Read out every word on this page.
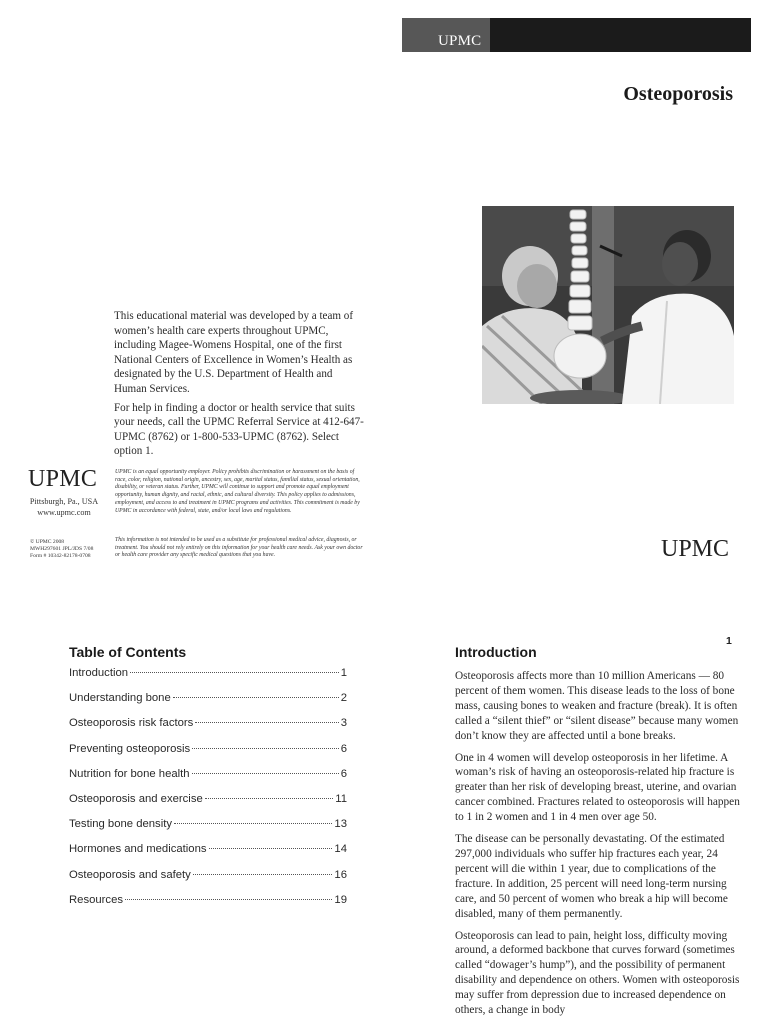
UPMC
Osteoporosis

This educational material was developed by a team of women’s health care experts throughout UPMC, including Magee-Womens Hospital, one of the first National Centers of Excellence in Women’s Health as designated by the U.S. Department of Health and Human Services.

For help in finding a doctor or health service that suits your needs, call the UPMC Referral Service at 412-647-UPMC (8762) or 1-800-533-UPMC (8762). Select option 1.

UPMC
Pittsburgh, Pa., USA
www.upmc.com
© UPMC 2008
MWH297601 JPL/JDS 7/08
Form # 10342-82178-0708
UPMC is an equal opportunity employer. Policy prohibits discrimination or harassment on the basis of race, color, religion, national origin, ancestry, sex, age, marital status, familial status, sexual orientation, disability, or veteran status. Further, UPMC will continue to support and promote equal employment opportunity, human dignity, and racial, ethnic, and cultural diversity. This policy applies to admissions, employment, and access to and treatment in UPMC programs and activities. This commitment is made by UPMC in accordance with federal, state, and/or local laws and regulations.
This information is not intended to be used as a substitute for professional medical advice, diagnosis, or treatment. You should not rely entirely on this information for your health care needs. Ask your own doctor or health care provider any specific medical questions that you have.	UPMC
Table of Contents
Introduction	1
Understanding bone	2
Osteoporosis risk factors	3
Preventing osteoporosis	6
Nutrition for bone health	6
Osteoporosis and exercise	11
Testing bone density	13
Hormones and medications	14
Osteoporosis and safety	16
Resources	19
1
Introduction

Osteoporosis affects more than 10 million Americans — 80 percent of them women. This disease leads to the loss of bone mass, causing bones to weaken and fracture (break). It is often called a “silent thief” or “silent disease” because many women don’t know they are affected until a bone breaks.

One in 4 women will develop osteoporosis in her lifetime. A woman’s risk of having an osteoporosis-related hip fracture is greater than her risk of developing breast, uterine, and ovarian cancer combined. Fractures related to osteoporosis will happen to 1 in 2 women and 1 in 4 men over age 50.

The disease can be personally devastating. Of the estimated 297,000 individuals who suffer hip fractures each year, 24 percent will die within 1 year, due to complications of the fracture. In addition, 25 percent will need long-term nursing care, and 50 percent of women who break a hip will become disabled, many of them permanently.

Osteoporosis can lead to pain, height loss, difficulty moving around, a deformed backbone that curves forward (sometimes called “dowager’s hump”), and the possibility of permanent disability and dependence on others. Women with osteoporosis may suffer from depression due to increased dependence on others, a change in body
